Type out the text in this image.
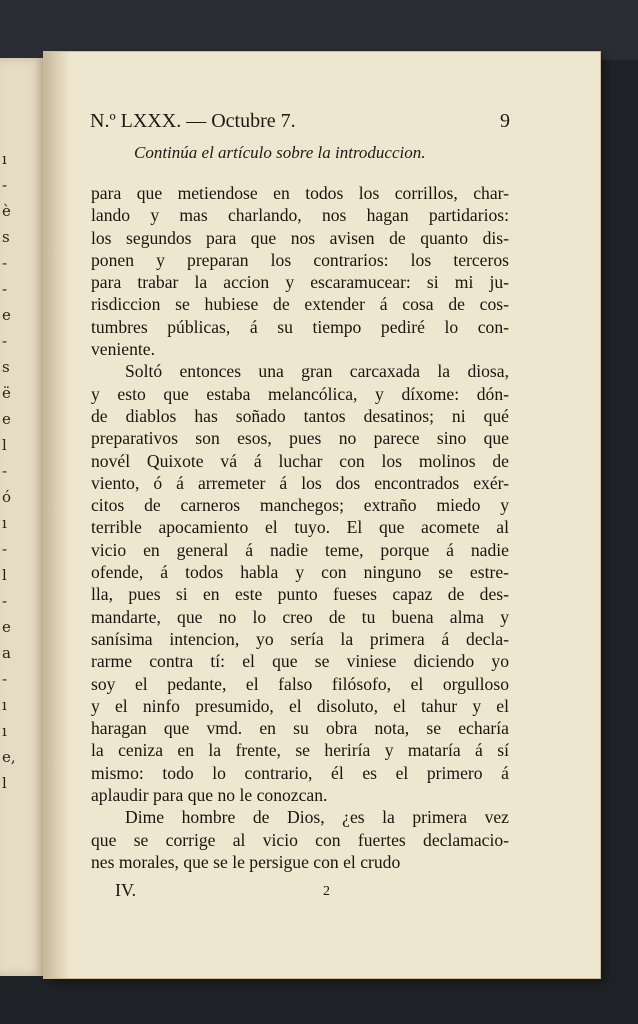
ı
-
è
s
-
-
e
-
s
ë
e
l
-
ó
ı
-
l
-
e
a
-
ı
ı
e,
l
N.º LXXX. — Octubre 7.	9
Continúa el artículo sobre la introduccion.
para que metiendose en todos los corrillos, char-
lando y mas charlando, nos hagan partidarios:
los segundos para que nos avisen de quanto dis-
ponen y preparan los contrarios: los terceros
para trabar la accion y escaramucear: si mi ju-
risdiccion se hubiese de extender á cosa de cos-
tumbres públicas, á su tiempo pediré lo con-
veniente.
Soltó entonces una gran carcaxada la diosa,
y esto que estaba melancólica, y díxome: dón-
de diablos has soñado tantos desatinos; ni qué
preparativos son esos, pues no parece sino que
novél Quixote vá á luchar con los molinos de
viento, ó á arremeter á los dos encontrados exér-
citos de carneros manchegos; extraño miedo y
terrible apocamiento el tuyo. El que acomete al
vicio en general á nadie teme, porque á nadie
ofende, á todos habla y con ninguno se estre-
lla, pues si en este punto fueses capaz de des-
mandarte, que no lo creo de tu buena alma y
sanísima intencion, yo sería la primera á decla-
rarme contra tí: el que se viniese diciendo yo
soy el pedante, el falso filósofo, el orgulloso
y el ninfo presumido, el disoluto, el tahur y el
haragan que vmd. en su obra nota, se echaría
la ceniza en la frente, se heriría y mataría á sí
mismo: todo lo contrario, él es el primero á
aplaudir para que no le conozcan.
Dime hombre de Dios, ¿es la primera vez
que se corrige al vicio con fuertes declamacio-
nes morales, que se le persigue con el crudo
IV.	2
